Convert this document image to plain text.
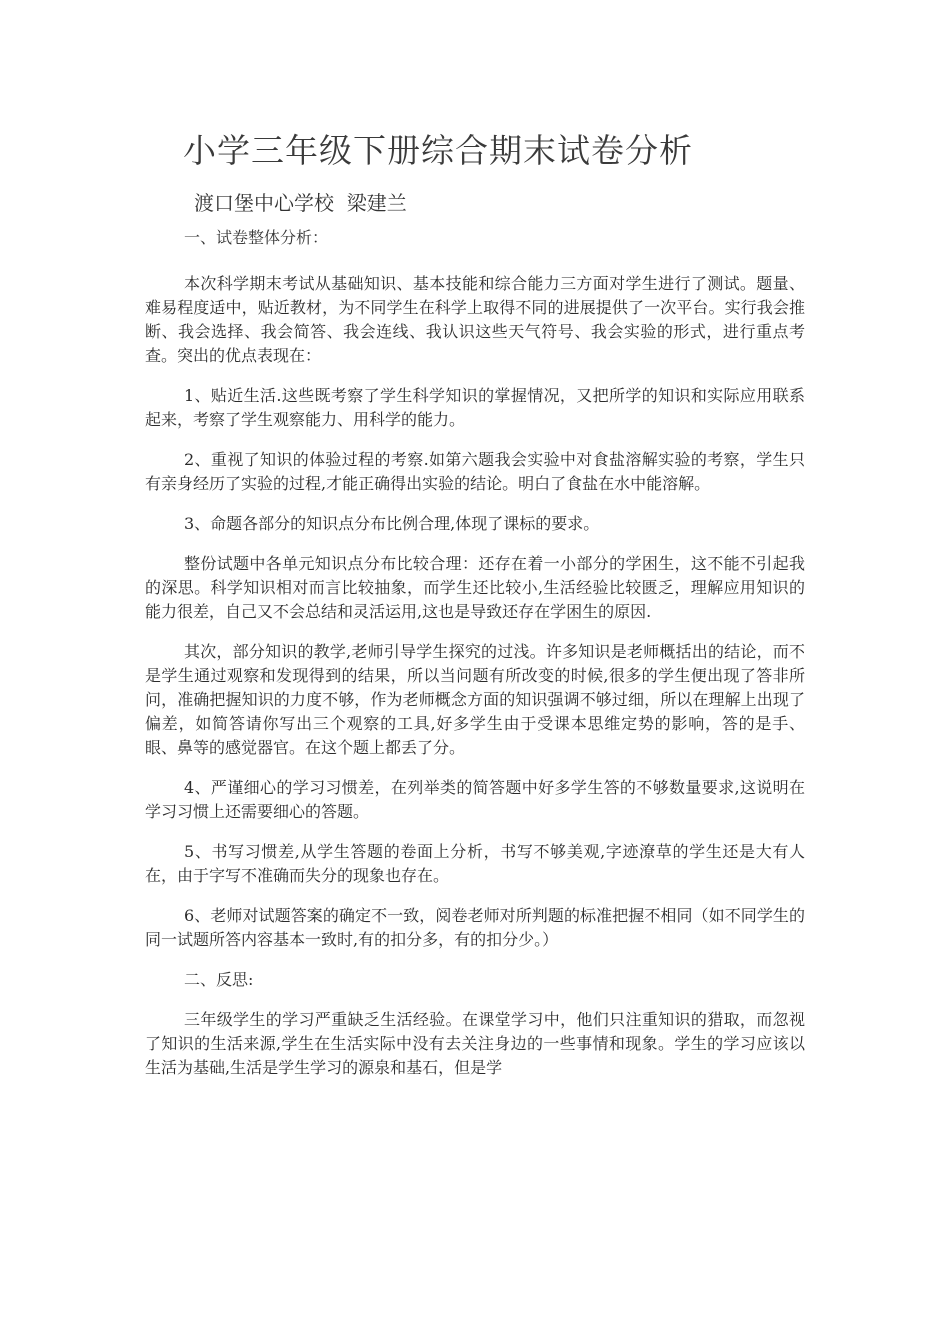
小学三年级下册综合期末试卷分析
渡口堡中心学校  梁建兰
一、试卷整体分析：

本次科学期末考试从基础知识、基本技能和综合能力三方面对学生进行了测试。题量、难易程度适中，贴近教材，为不同学生在科学上取得不同的进展提供了一次平台。实行我会推断、我会选择、我会简答、我会连线、我认识这些天气符号、我会实验的形式，进行重点考查。突出的优点表现在：

1、贴近生活.这些既考察了学生科学知识的掌握情况，又把所学的知识和实际应用联系起来，考察了学生观察能力、用科学的能力。

2、重视了知识的体验过程的考察.如第六题我会实验中对食盐溶解实验的考察，学生只有亲身经历了实验的过程,才能正确得出实验的结论。明白了食盐在水中能溶解。

3、命题各部分的知识点分布比例合理,体现了课标的要求。

整份试题中各单元知识点分布比较合理：还存在着一小部分的学困生，这不能不引起我的深思。科学知识相对而言比较抽象，而学生还比较小,生活经验比较匮乏，理解应用知识的能力很差，自己又不会总结和灵活运用,这也是导致还存在学困生的原因.

其次，部分知识的教学,老师引导学生探究的过浅。许多知识是老师概括出的结论，而不是学生通过观察和发现得到的结果，所以当问题有所改变的时候,很多的学生便出现了答非所问，准确把握知识的力度不够，作为老师概念方面的知识强调不够过细，所以在理解上出现了偏差，如简答请你写出三个观察的工具,好多学生由于受课本思维定势的影响，答的是手、眼、鼻等的感觉器官。在这个题上都丢了分。

4、严谨细心的学习习惯差，在列举类的简答题中好多学生答的不够数量要求,这说明在学习习惯上还需要细心的答题。

5、书写习惯差,从学生答题的卷面上分析，书写不够美观,字迹潦草的学生还是大有人在，由于字写不准确而失分的现象也存在。

6、老师对试题答案的确定不一致，阅卷老师对所判题的标准把握不相同（如不同学生的同一试题所答内容基本一致时,有的扣分多，有的扣分少。）

二、反思:

三年级学生的学习严重缺乏生活经验。在课堂学习中，他们只注重知识的猎取，而忽视了知识的生活来源,学生在生活实际中没有去关注身边的一些事情和现象。学生的学习应该以生活为基础,生活是学生学习的源泉和基石，但是学
